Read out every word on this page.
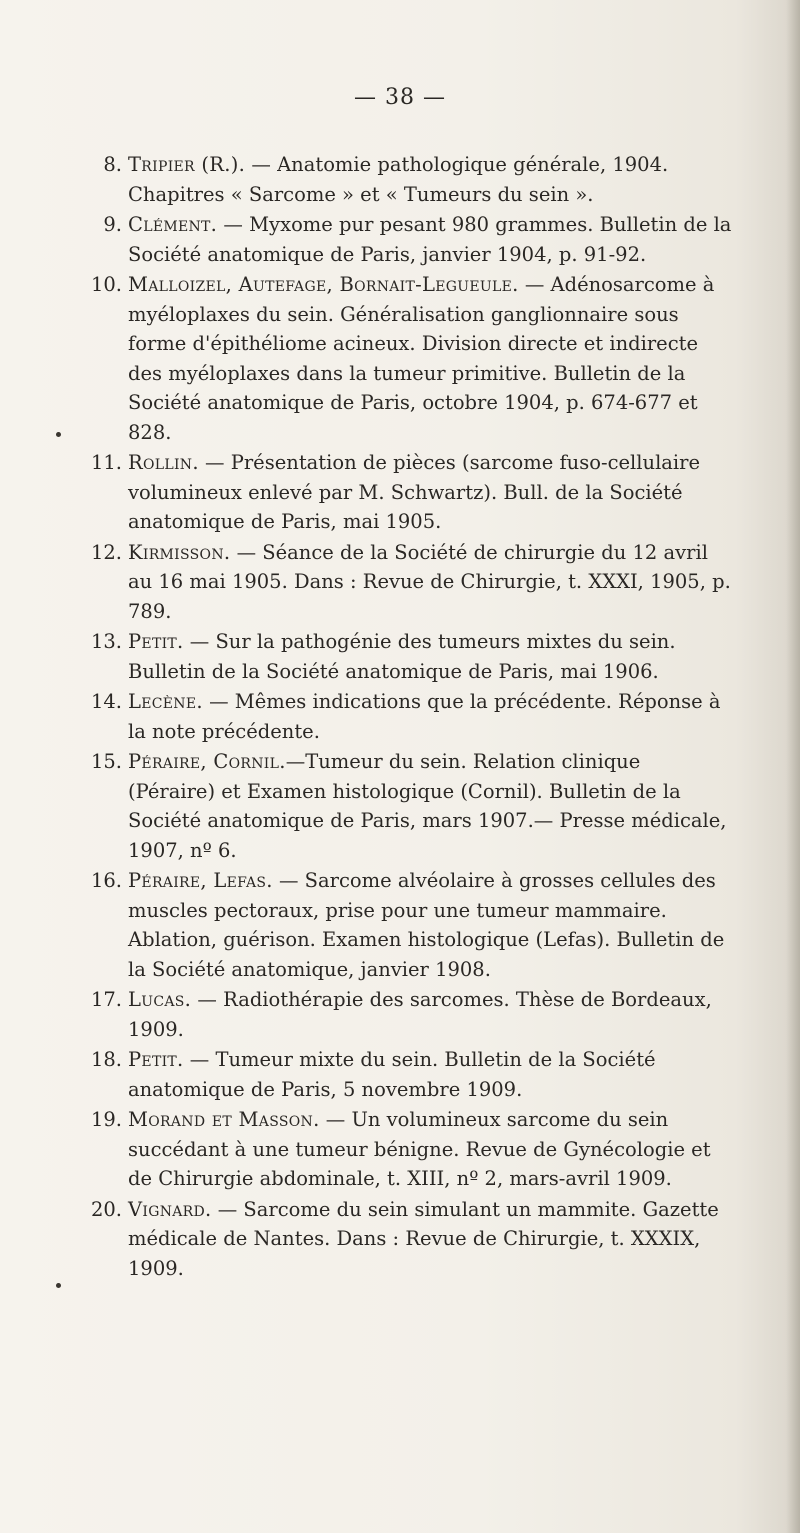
— 38 —
8. Tripier (R.). — Anatomie pathologique générale, 1904. Chapitres « Sarcome » et « Tumeurs du sein ».
9. Clément. — Myxome pur pesant 980 grammes. Bulletin de la Société anatomique de Paris, janvier 1904, p. 91-92.
10. Malloizel, Autefage, Bornait-Legueule. — Adénosarcome à myéloplaxes du sein. Généralisation ganglionnaire sous forme d'épithéliome acineux. Division directe et indirecte des myéloplaxes dans la tumeur primitive. Bulletin de la Société anatomique de Paris, octobre 1904, p. 674-677 et 828.
11. Rollin. — Présentation de pièces (sarcome fuso-cellulaire volumineux enlevé par M. Schwartz). Bull. de la Société anatomique de Paris, mai 1905.
12. Kirmisson. — Séance de la Société de chirurgie du 12 avril au 16 mai 1905. Dans : Revue de Chirurgie, t. XXXI, 1905, p. 789.
13. Petit. — Sur la pathogénie des tumeurs mixtes du sein. Bulletin de la Société anatomique de Paris, mai 1906.
14. Lecène. — Mêmes indications que la précédente. Réponse à la note précédente.
15. Péraire, Cornil.—Tumeur du sein. Relation clinique (Péraire) et Examen histologique (Cornil). Bulletin de la Société anatomique de Paris, mars 1907.— Presse médicale, 1907, nº 6.
16. Péraire, Lefas. — Sarcome alvéolaire à grosses cellules des muscles pectoraux, prise pour une tumeur mammaire. Ablation, guérison. Examen histologique (Lefas). Bulletin de la Société anatomique, janvier 1908.
17. Lucas. — Radiothérapie des sarcomes. Thèse de Bordeaux, 1909.
18. Petit. — Tumeur mixte du sein. Bulletin de la Société anatomique de Paris, 5 novembre 1909.
19. Morand et Masson. — Un volumineux sarcome du sein succédant à une tumeur bénigne. Revue de Gynécologie et de Chirurgie abdominale, t. XIII, nº 2, mars-avril 1909.
20. Vignard. — Sarcome du sein simulant un mammite. Gazette médicale de Nantes. Dans : Revue de Chirurgie, t. XXXIX, 1909.
